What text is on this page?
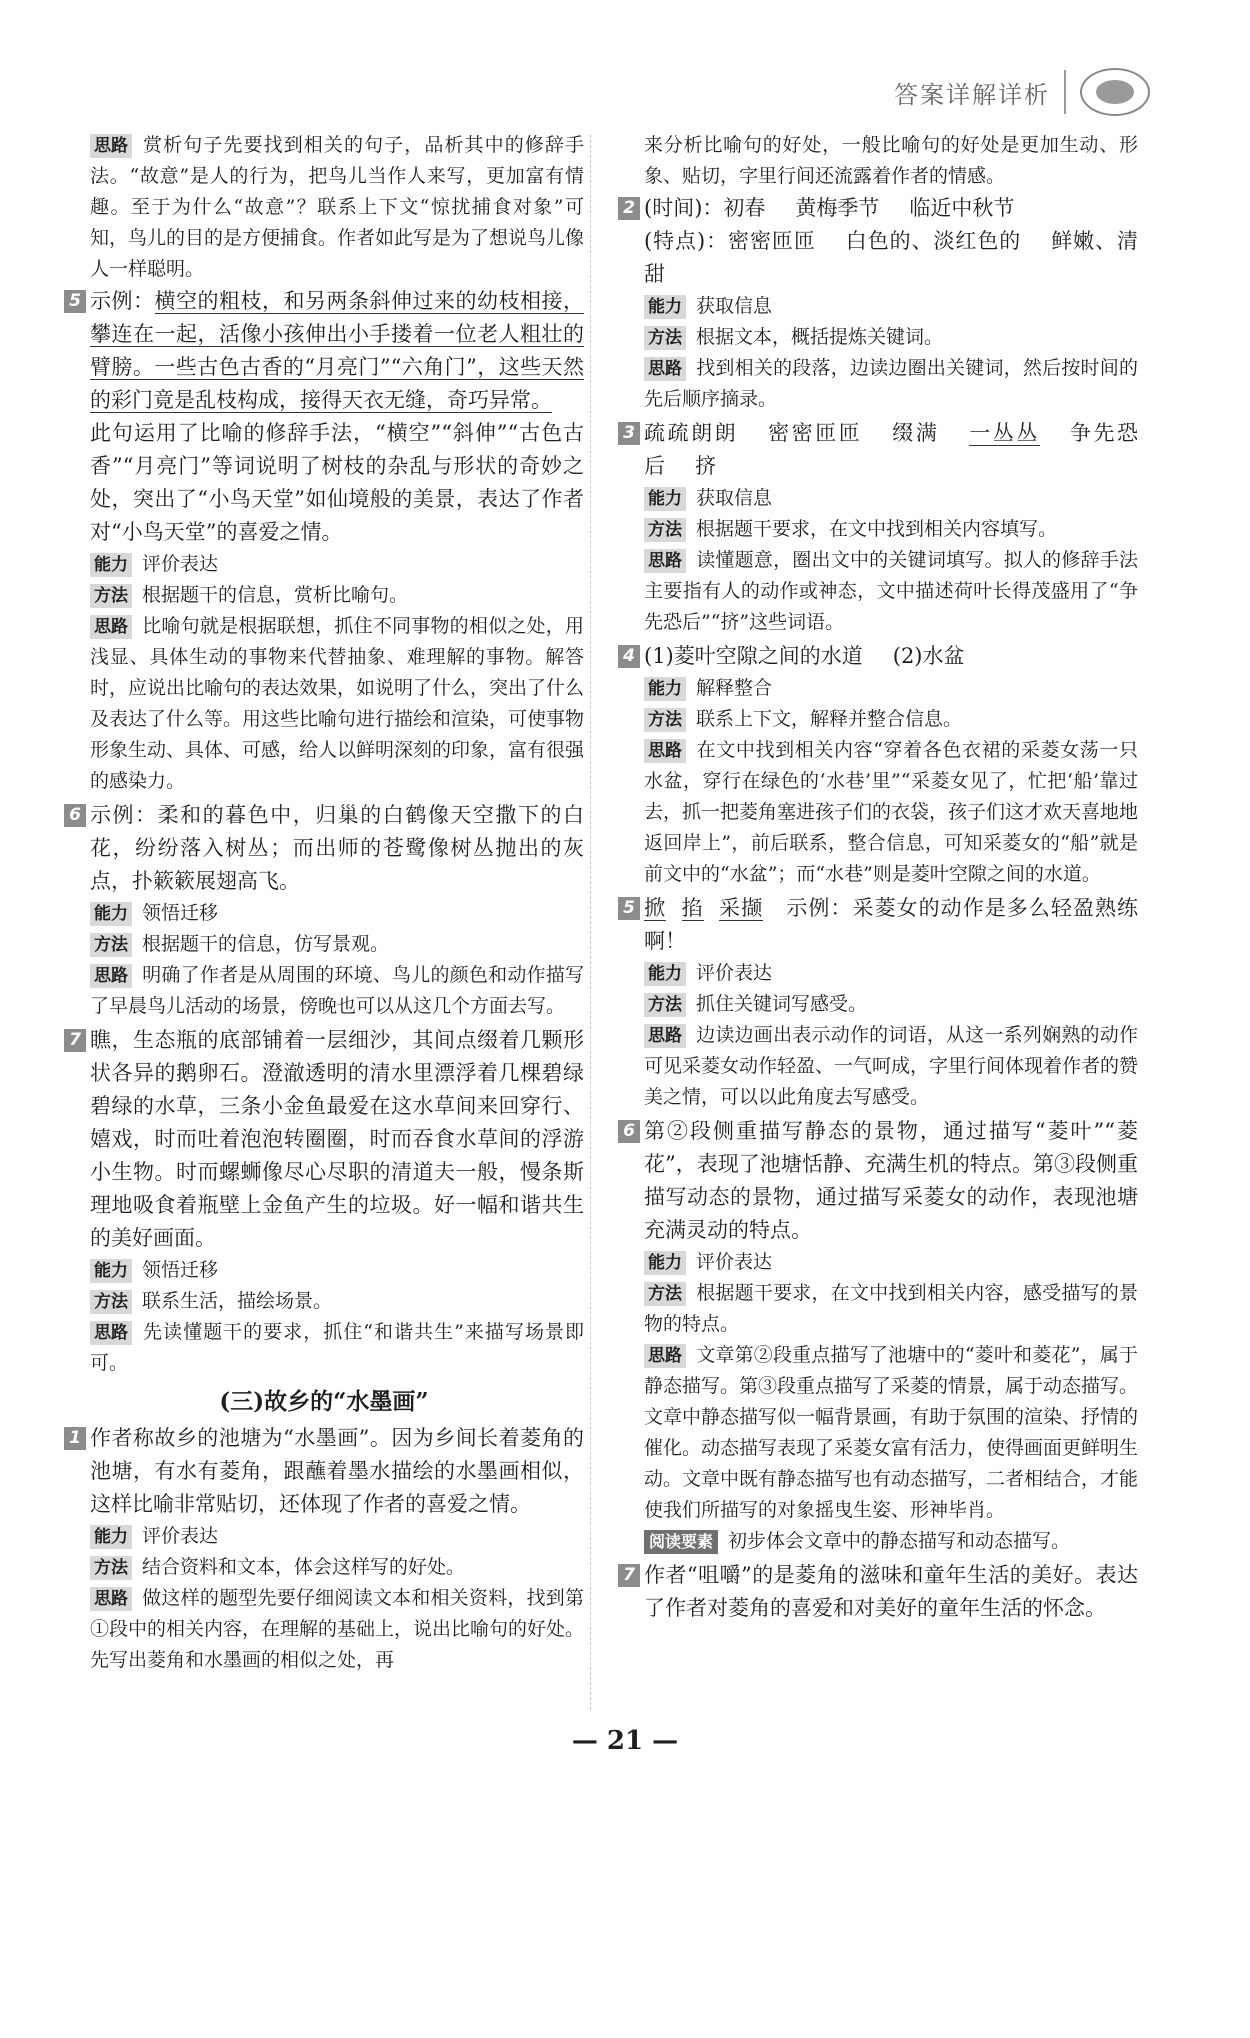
答案详解详析
思路 赏析句子先要找到相关的句子，品析其中的修辞手法。“故意”是人的行为，把鸟儿当作人来写，更加富有情趣。至于为什么“故意”？联系上下文“惊扰捕食对象”可知，鸟儿的目的是方便捕食。作者如此写是为了想说鸟儿像人一样聪明。
5 示例：横空的粗枝，和另两条斜伸过来的幼枝相接，攀连在一起，活像小孩伸出小手搂着一位老人粗壮的臂膀。一些古色古香的“月亮门”“六角门”，这些天然的彩门竟是乱枝构成，接得天衣无缝，奇巧异常。
此句运用了比喻的修辞手法，“横空”“斜伸”“古色古香”“月亮门”等词说明了树枝的杂乱与形状的奇妙之处，突出了“小鸟天堂”如仙境般的美景，表达了作者对“小鸟天堂”的喜爱之情。
能力 评价表达
方法 根据题干的信息，赏析比喻句。
思路 比喻句就是根据联想，抓住不同事物的相似之处，用浅显、具体生动的事物来代替抽象、难理解的事物。解答时，应说出比喻句的表达效果，如说明了什么，突出了什么及表达了什么等。用这些比喻句进行描绘和渲染，可使事物形象生动、具体、可感，给人以鲜明深刻的印象，富有很强的感染力。
6 示例：柔和的暮色中，归巢的白鹤像天空撒下的白花，纷纷落入树丛；而出师的苍鹭像树丛抛出的灰点，扑簌簌展翅高飞。
能力 领悟迁移
方法 根据题干的信息，仿写景观。
思路 明确了作者是从周围的环境、鸟儿的颜色和动作描写了早晨鸟儿活动的场景，傍晚也可以从这几个方面去写。
7 瞧，生态瓶的底部铺着一层细沙，其间点缀着几颗形状各异的鹅卵石。澄澈透明的清水里漂浮着几棵碧绿碧绿的水草，三条小金鱼最爱在这水草间来回穿行、嬉戏，时而吐着泡泡转圈圈，时而吞食水草间的浮游小生物。时而螺蛳像尽心尽职的清道夫一般，慢条斯理地吸食着瓶壁上金鱼产生的垃圾。好一幅和谐共生的美好画面。
能力 领悟迁移
方法 联系生活，描绘场景。
思路 先读懂题干的要求，抓住“和谐共生”来描写场景即可。
(三)故乡的“水墨画”
1 作者称故乡的池塘为“水墨画”。因为乡间长着菱角的池塘，有水有菱角，跟蘸着墨水描绘的水墨画相似，这样比喻非常贴切，还体现了作者的喜爱之情。
能力 评价表达
方法 结合资料和文本，体会这样写的好处。
思路 做这样的题型先要仔细阅读文本和相关资料，找到第①段中的相关内容，在理解的基础上，说出比喻句的好处。先写出菱角和水墨画的相似之处，再
来分析比喻句的好处，一般比喻句的好处是更加生动、形象、贴切，字里行间还流露着作者的情感。
2 (时间)：初春 黄梅季节 临近中秋节
(特点)：密密匝匝 白色的、淡红色的 鲜嫩、清甜
能力 获取信息
方法 根据文本，概括提炼关键词。
思路 找到相关的段落，边读边圈出关键词，然后按时间的先后顺序摘录。
3 疏疏朗朗 密密匝匝 缀满 一丛丛 争先恐后 挤
能力 获取信息
方法 根据题干要求，在文中找到相关内容填写。
思路 读懂题意，圈出文中的关键词填写。拟人的修辞手法主要指有人的动作或神态，文中描述荷叶长得茂盛用了“争先恐后”“挤”这些词语。
4 (1)菱叶空隙之间的水道 (2)水盆
能力 解释整合
方法 联系上下文，解释并整合信息。
思路 在文中找到相关内容“穿着各色衣裙的采菱女荡一只水盆，穿行在绿色的‘水巷’里”“采菱女见了，忙把‘船’靠过去，抓一把菱角塞进孩子们的衣袋，孩子们这才欢天喜地地返回岸上”，前后联系，整合信息，可知采菱女的“船”就是前文中的“水盆”；而“水巷”则是菱叶空隙之间的水道。
5 掀 掐 采撷 示例：采菱女的动作是多么轻盈熟练啊！
能力 评价表达
方法 抓住关键词写感受。
思路 边读边画出表示动作的词语，从这一系列娴熟的动作可见采菱女动作轻盈、一气呵成，字里行间体现着作者的赞美之情，可以以此角度去写感受。
6 第②段侧重描写静态的景物，通过描写“菱叶”“菱花”，表现了池塘恬静、充满生机的特点。第③段侧重描写动态的景物，通过描写采菱女的动作，表现池塘充满灵动的特点。
能力 评价表达
方法 根据题干要求，在文中找到相关内容，感受描写的景物的特点。
思路 文章第②段重点描写了池塘中的“菱叶和菱花”，属于静态描写。第③段重点描写了采菱的情景，属于动态描写。文章中静态描写似一幅背景画，有助于氛围的渲染、抒情的催化。动态描写表现了采菱女富有活力，使得画面更鲜明生动。文章中既有静态描写也有动态描写，二者相结合，才能使我们所描写的对象摇曳生姿、形神毕肖。
阅读要素 初步体会文章中的静态描写和动态描写。
7 作者“咀嚼”的是菱角的滋味和童年生活的美好。表达了作者对菱角的喜爱和对美好的童年生活的怀念。
— 21 —
